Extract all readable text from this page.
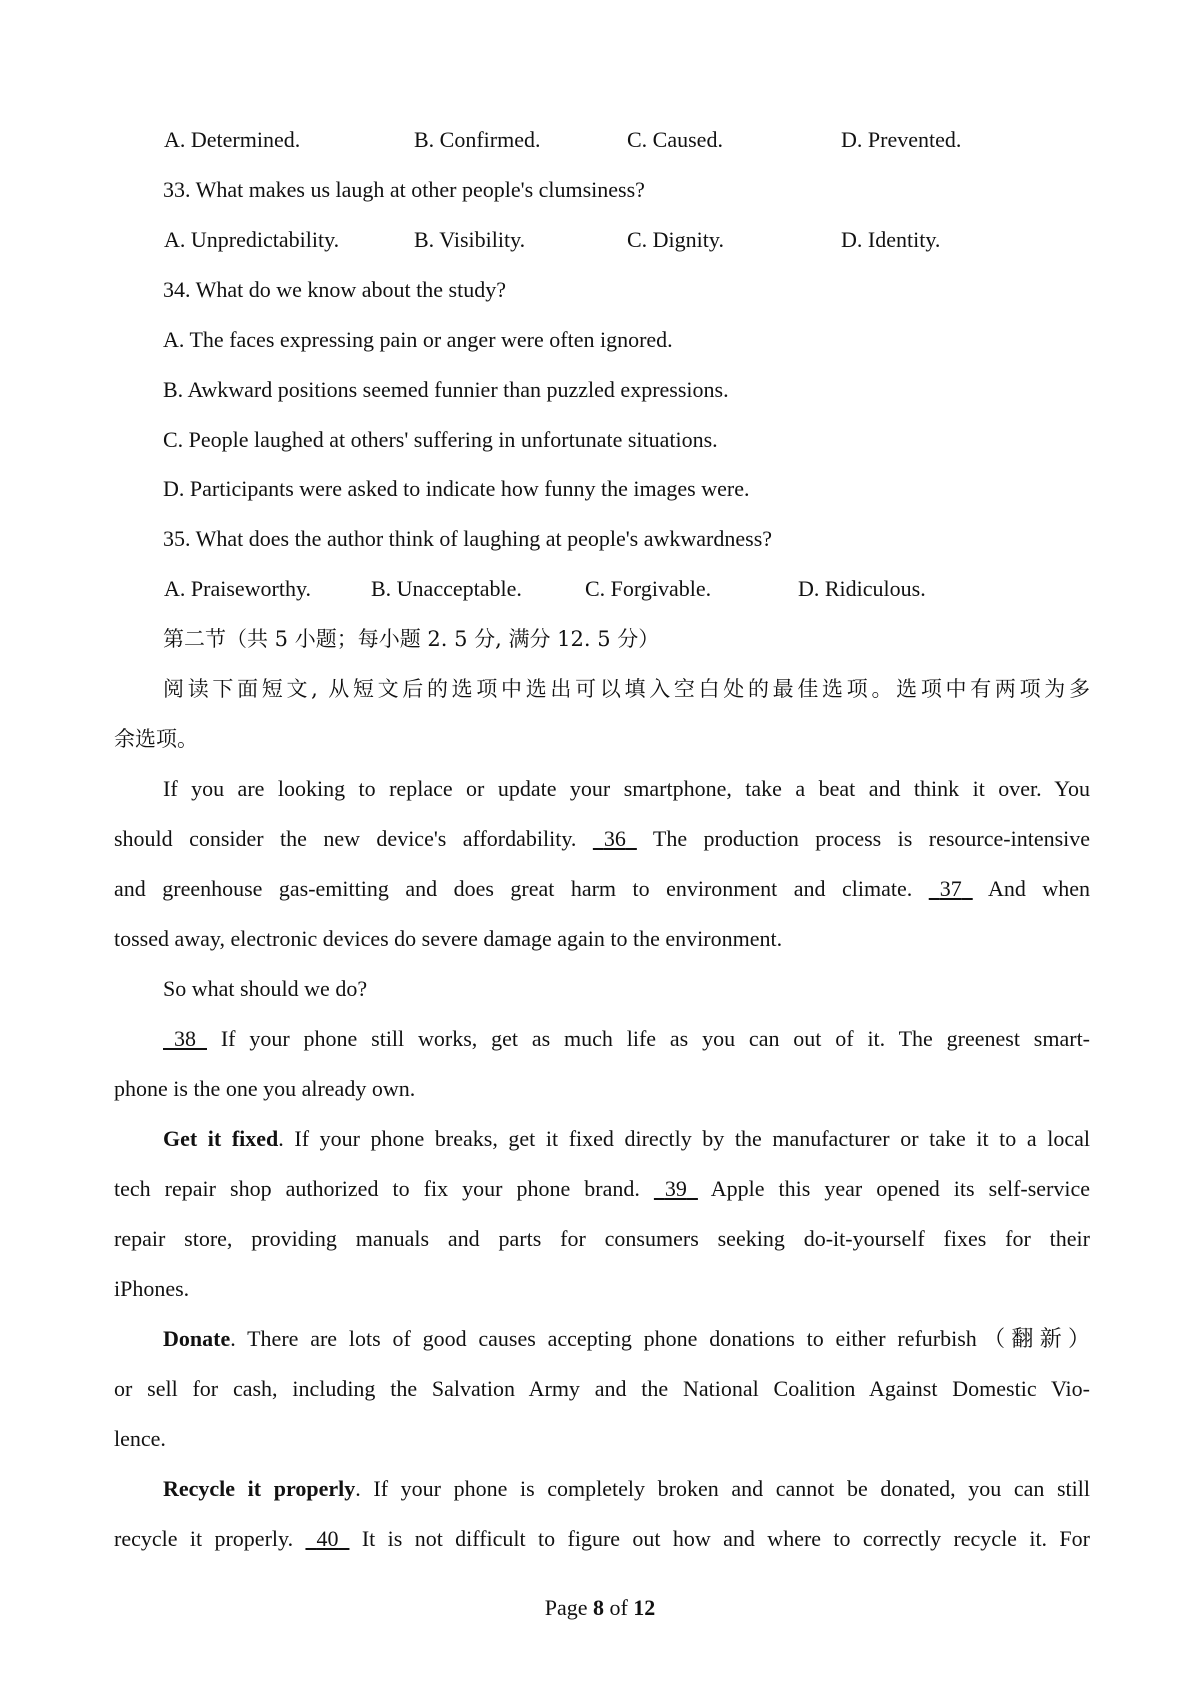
A. Determined.	B. Confirmed.	C. Caused.	D. Prevented.
33. What makes us laugh at other people's clumsiness?
A. Unpredictability.	B. Visibility.	C. Dignity.	D. Identity.
34. What do we know about the study?
A. The faces expressing pain or anger were often ignored.
B. Awkward positions seemed funnier than puzzled expressions.
C. People laughed at others' suffering in unfortunate situations.
D. Participants were asked to indicate how funny the images were.
35. What does the author think of laughing at people's awkwardness?
A. Praiseworthy.	B. Unacceptable.	C. Forgivable.	D. Ridiculous.
第二节（共 5 小题；每小题 2. 5 分, 满分 12. 5 分）
阅读下面短文, 从短文后的选项中选出可以填入空白处的最佳选项。选项中有两项为多
余选项。
If you are looking to replace or update your smartphone, take a beat and think it over. You
should consider the new device's affordability. 36 The production process is resource-intensive
and greenhouse gas-emitting and does great harm to environment and climate. 37 And when
tossed away, electronic devices do severe damage again to the environment.
So what should we do?
38 If your phone still works, get as much life as you can out of it. The greenest smart-
phone is the one you already own.
Get it fixed. If your phone breaks, get it fixed directly by the manufacturer or take it to a local
tech repair shop authorized to fix your phone brand. 39 Apple this year opened its self-service
repair store, providing manuals and parts for consumers seeking do-it-yourself fixes for their
iPhones.
Donate. There are lots of good causes accepting phone donations to either refurbish（翻新）
or sell for cash, including the Salvation Army and the National Coalition Against Domestic Vio-
lence.
Recycle it properly. If your phone is completely broken and cannot be donated, you can still
recycle it properly. 40 It is not difficult to figure out how and where to correctly recycle it. For
Page 8 of 12
